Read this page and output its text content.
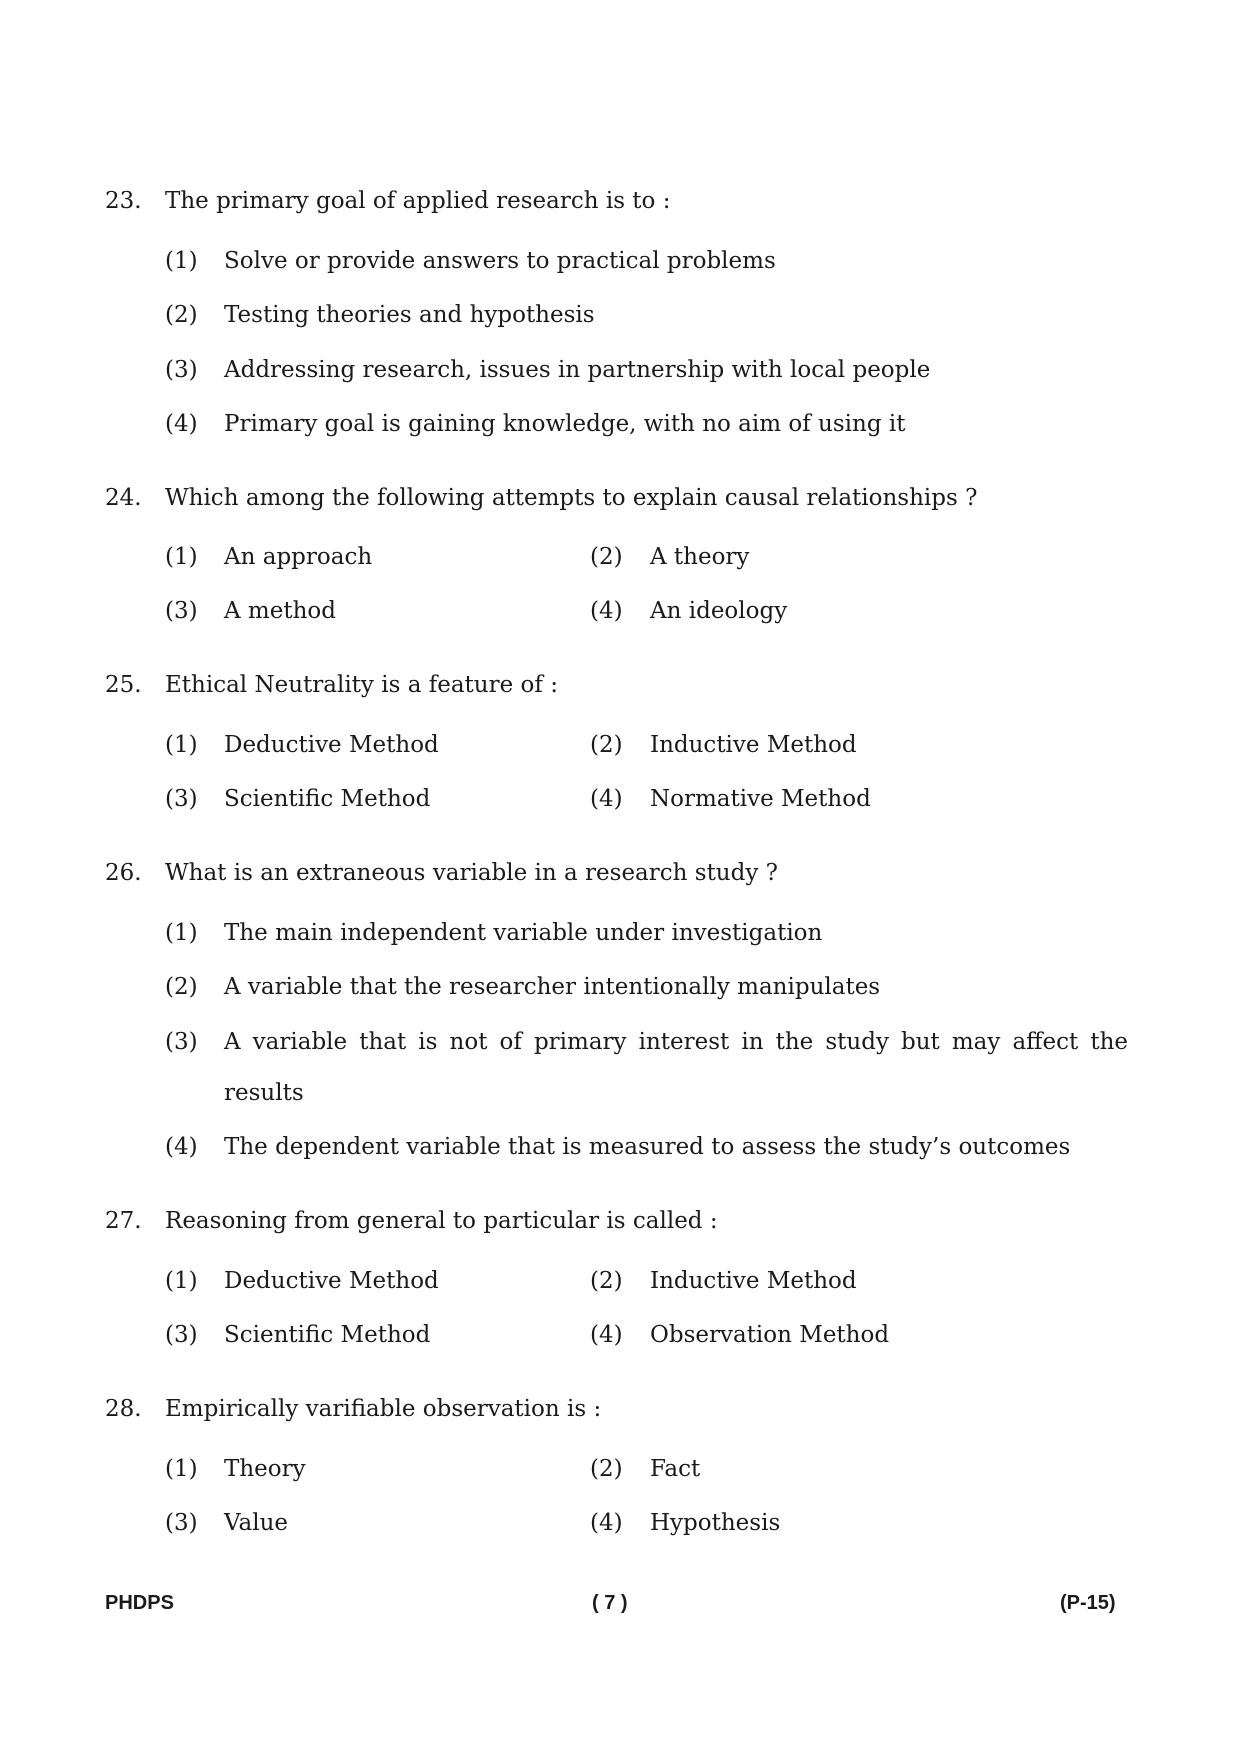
23. The primary goal of applied research is to :
(1) Solve or provide answers to practical problems
(2) Testing theories and hypothesis
(3) Addressing research, issues in partnership with local people
(4) Primary goal is gaining knowledge, with no aim of using it
24. Which among the following attempts to explain causal relationships ?
(1) An approach	(2) A theory
(3) A method	(4) An ideology
25. Ethical Neutrality is a feature of :
(1) Deductive Method	(2) Inductive Method
(3) Scientific Method	(4) Normative Method
26. What is an extraneous variable in a research study ?
(1) The main independent variable under investigation
(2) A variable that the researcher intentionally manipulates
(3) A variable that is not of primary interest in the study but may affect the
results
(4) The dependent variable that is measured to assess the study’s outcomes
27. Reasoning from general to particular is called :
(1) Deductive Method	(2) Inductive Method
(3) Scientific Method	(4) Observation Method
28. Empirically varifiable observation is :
(1) Theory	(2) Fact
(3) Value	(4) Hypothesis
PHDPS	( 7 )	(P-15)
